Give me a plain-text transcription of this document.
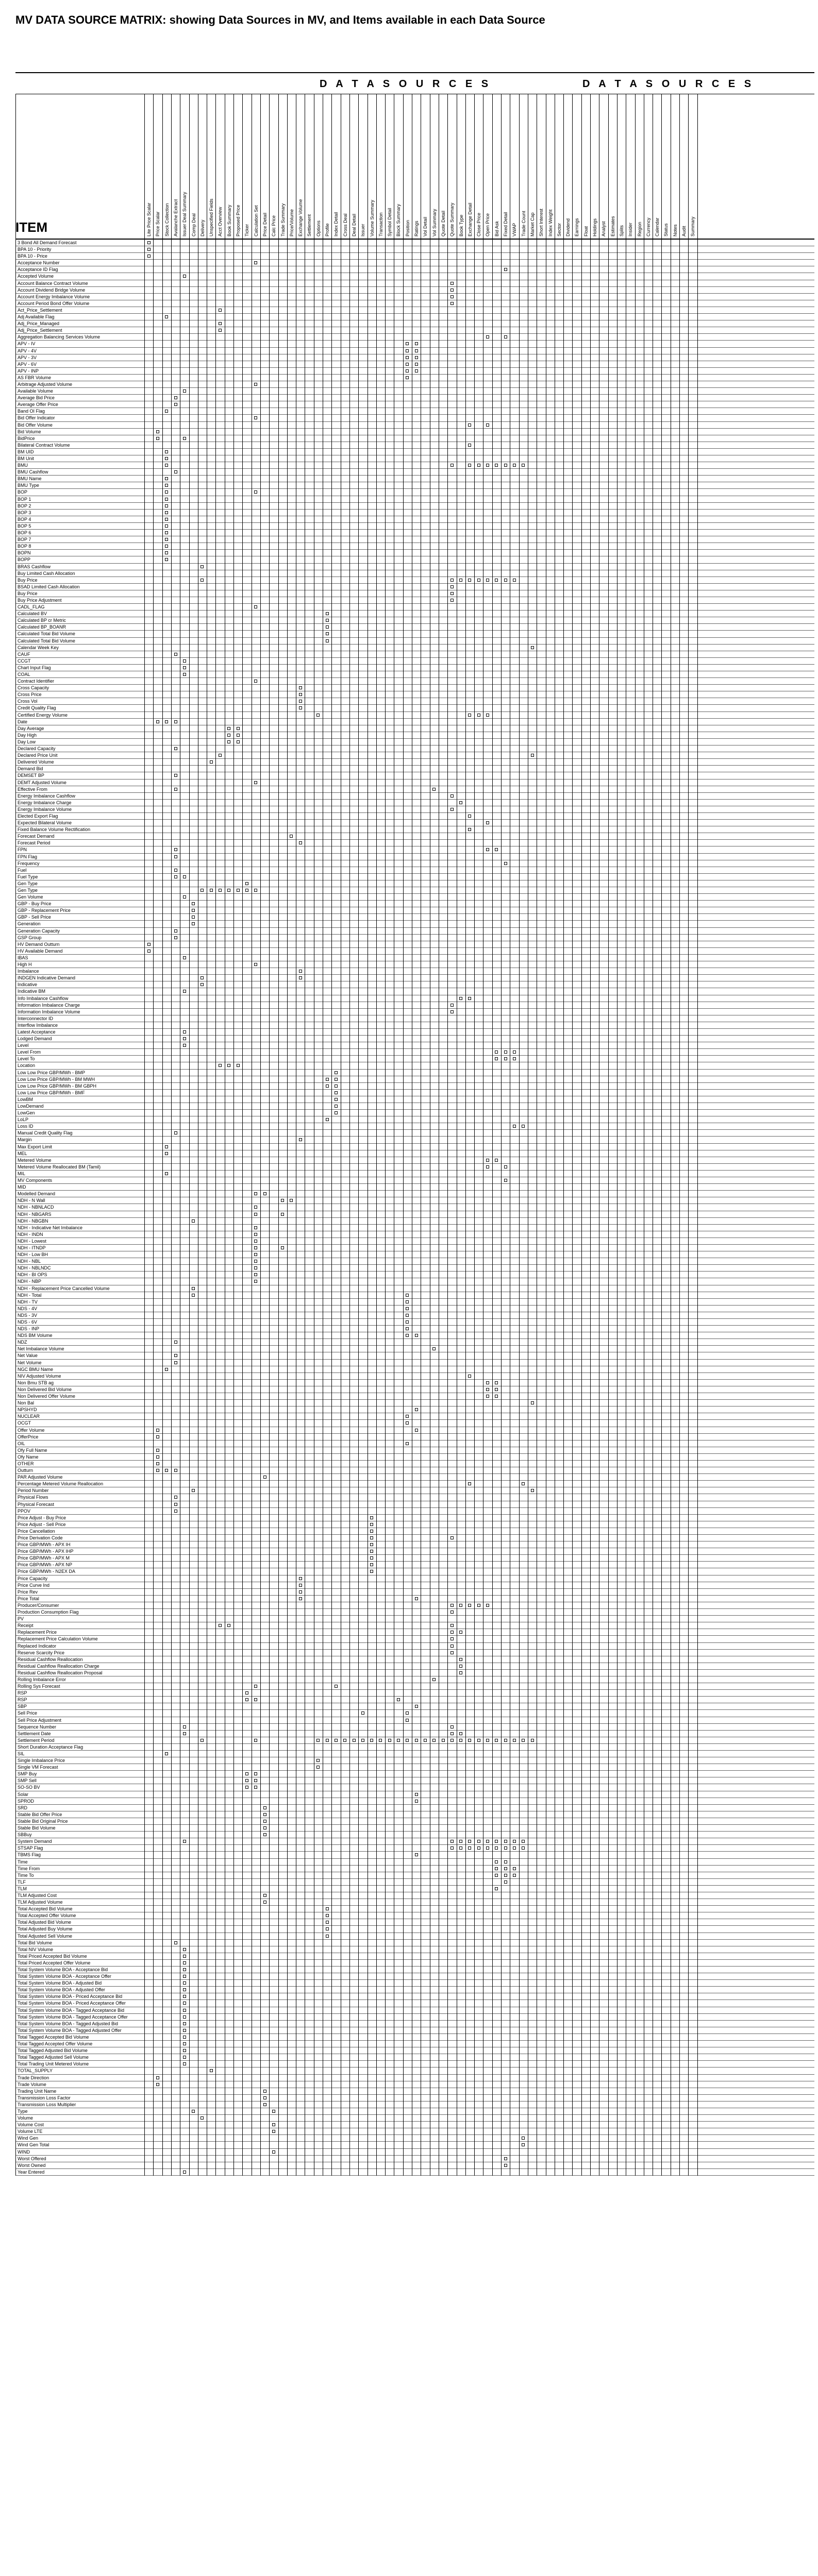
MV DATA SOURCE MATRIX: showing Data Sources in MV, and Items available in each Data Source
D A T A S O U R C E S	D A T A S O U R C E S
ITEM	Lite Price Scalar Price Scalar Stock Collection Avalanche Extract Issuer Deal Summary Comp Deal Delivery Unspecified Fields Acct Overview Book Summary Proposed Price Ticker Calculation Set Price Detail Calc Price Trade Summary Price/Volume Exchange Volume Settlement Options Profile Index Detail Cross Deal Deal Detail Issuer Volume Summary Transaction Symbol Detail Block Summary Position Ratings Vol Detail Vol Summary Quote Detail Quote Summary Book Type Exchange Detail Close Price Open Price Bid Ask Fixed Detail VWAP Trade Count Market Cap Short Interest Index Weight Sector Dividend Earnings Float Holdings Analyst Estimates Splits Insider Region Currency Calendar Status Notes Audit Summary
3 Bond All Demand Forecast
BPA 10 - Priority
BPA 10 - Price
Acceptance Number
Acceptance ID Flag
Accepted Volume
Account Balance Contract Volume
Account Dividend Bridge Volume
Account Energy Imbalance Volume
Account Period Bond Offer Volume
Act_Price_Settlement
Adj Available Flag
Adj_Price_Managed
Adj_Price_Settlement
Aggregation Balancing Services Volume
APV - IV
APV - 4V
APV - 3V
APV - 6V
APV - INP
AS FBR Volume
Arbitrage Adjusted Volume
Available Volume
Average Bid Price
Average Offer Price
Band OI Flag
Bid Offer Indicator
Bid Offer Volume
Bid Volume
BidPrice
Bilateral Contract Volume
BM UID
BM Unit
BMU
BMU Cashflow
BMU Name
BMU Type
BOP
BOP 1
BOP 2
BOP 3
BOP 4
BOP 5
BOP 6
BOP 7
BOP 8
BOPN
BOPP
BRAS Cashflow
Buy Limited Cash Allocation
Buy Price
BSAD Limited Cash Allocation
Buy Price
Buy Price Adjustment
CADL_FLAG
Calculated BV
Calculated BP cr Metric
Calculated BP_BOANR
Calculated Total Bid Volume
Calculated Total Bid Volume
Calendar Week Key
CAUF
CCGT
Chart Input Flag
COAL
Contract Identifier
Cross Capacity
Cross Price
Cross Vol
Credit Quality Flag
Certified Energy Volume
Date
Day Average
Day High
Day Low
Declared Capacity
Declared Price Unit
Delivered Volume
Demand Bid
DEMSET BP
DEMT Adjusted Volume
Effective From
Energy Imbalance Cashflow
Energy Imbalance Charge
Energy Imbalance Volume
Elected Export Flag
Expected Bilateral Volume
Fixed Balance Volume Rectification
Forecast Demand
Forecast Period
FPN
FPN Flag
Frequency
Fuel
Fuel Type
Gen Type
Gen Type
Gen Volume
GBP - Buy Price
GBP - Replacement Price
GBP - Sell Price
Generation
Generation Capacity
GSP Group
HV Demand Outturn
HV Available Demand
IBAS
High H
Imbalance
INDGEN Indicative Demand
Indicative
Indicative BM
Info Imbalance Cashflow
Information Imbalance Charge
Information Imbalance Volume
Interconnector ID
Interflow Imbalance
Latest Acceptance
Lodged Demand
Level
Level From
Level To
Location
Low Low Price GBP/MWh - BMP
Low Low Price GBP/MWh - BM MWH
Low Low Price GBP/MWh - BM GBPH
Low Low Price GBP/MWh - BMF
LowBM
LowDemand
LowGen
LoLP
Loss ID
Manual Credit Quality Flag
Margin
Max Export Limit
MEL
Metered Volume
Metered Volume Reallocated BM (Tamil)
MIL
MV Components
MID
Modelled Demand
NDH - N Wall
NDH - NBNLACD
NDH - NBGARS
NDH - NBGBN
NDH - Indicative Net Imbalance
NDH - INDN
NDH - Lowest
NDH - ITNDP
NDH - Low BH
NDH - NBL
NDH - NBLNDC
NDH - BI OPS
NDH - NBP
NDH - Replacement Price Cancelled Volume
NDH - Total
NDH - TV
NDS - 4V
NDS - 3V
NDS - 6V
NDS - INP
NDS BM Volume
NDZ
Net Imbalance Volume
Net Value
Net Volume
NGC BMU Name
NIV Adjusted Volume
Non Bmu STB ag
Non Delivered Bid Volume
Non Delivered Offer Volume
Non Bal
NPSHYD
NUCLEAR
OCGT
Offer Volume
OfferPrice
OIL
Ofy Full Name
Ofy Name
OTHER
Outturn
PAR Adjusted Volume
Percentage Metered Volume Reallocation
Period Number
Physical Flows
Physical Forecast
PPOV
Price Adjust - Buy Price
Price Adjust - Sell Price
Price Cancellation
Price Derivation Code
Price GBP/MWh - APX IH
Price GBP/MWh - APX IHP
Price GBP/MWh - APX M
Price GBP/MWh - APX NP
Price GBP/MWh - N2EX DA
Price Capacity
Price Curve Ind
Price Rev
Price Total
Producer/Consumer
Production Consumption Flag
PV
Receipt
Replacement Price
Replacement Price Calculation Volume
Replaced Indicator
Reserve Scarcity Price
Residual Cashflow Reallocation
Residual Cashflow Reallocation Charge
Residual Cashflow Reallocation Proposal
Rolling Imbalance Error
Rolling Sys Forecast
RSP
RSP
SBP
Sell Price
Sell Price Adjustment
Sequence Number
Settlement Date
Settlement Period
Short Duration Acceptance Flag
SIL
Single Imbalance Price
Single VM Forecast
SMP Buy
SMP Sell
SO-SO BV
Solar
SPROD
SRD
Stable Bid Offer Price
Stable Bid Original Price
Stable Bid Volume
SBBuy
System Demand
STSAP Flag
TBMS Flag
Time
Time From
Time To
TLF
TLM
TLM Adjusted Cost
TLM Adjusted Volume
Total Accepted Bid Volume
Total Accepted Offer Volume
Total Adjusted Bid Volume
Total Adjusted Buy Volume
Total Adjusted Sell Volume
Total Bid Volume
Total NIV Volume
Total Priced Accepted Bid Volume
Total Priced Accepted Offer Volume
Total System Volume BOA - Acceptance Bid
Total System Volume BOA - Acceptance Offer
Total System Volume BOA - Adjusted Bid
Total System Volume BOA - Adjusted Offer
Total System Volume BOA - Priced Acceptance Bid
Total System Volume BOA - Priced Acceptance Offer
Total System Volume BOA - Tagged Acceptance Bid
Total System Volume BOA - Tagged Acceptance Offer
Total System Volume BOA - Tagged Adjusted Bid
Total System Volume BOA - Tagged Adjusted Offer
Total Tagged Accepted Bid Volume
Total Tagged Accepted Offer Volume
Total Tagged Adjusted Bid Volume
Total Tagged Adjusted Sell Volume
Total Trading Unit Metered Volume
TOTAL_SUPPLY
Trade Direction
Trade Volume
Trading Unit Name
Transmission Loss Factor
Transmission Loss Multiplier
Type
Volume
Volume Cost
Volume LTE
Wind Gen
Wind Gen Total
WIND
Worst Offered
Worst Owned
Year Entered
